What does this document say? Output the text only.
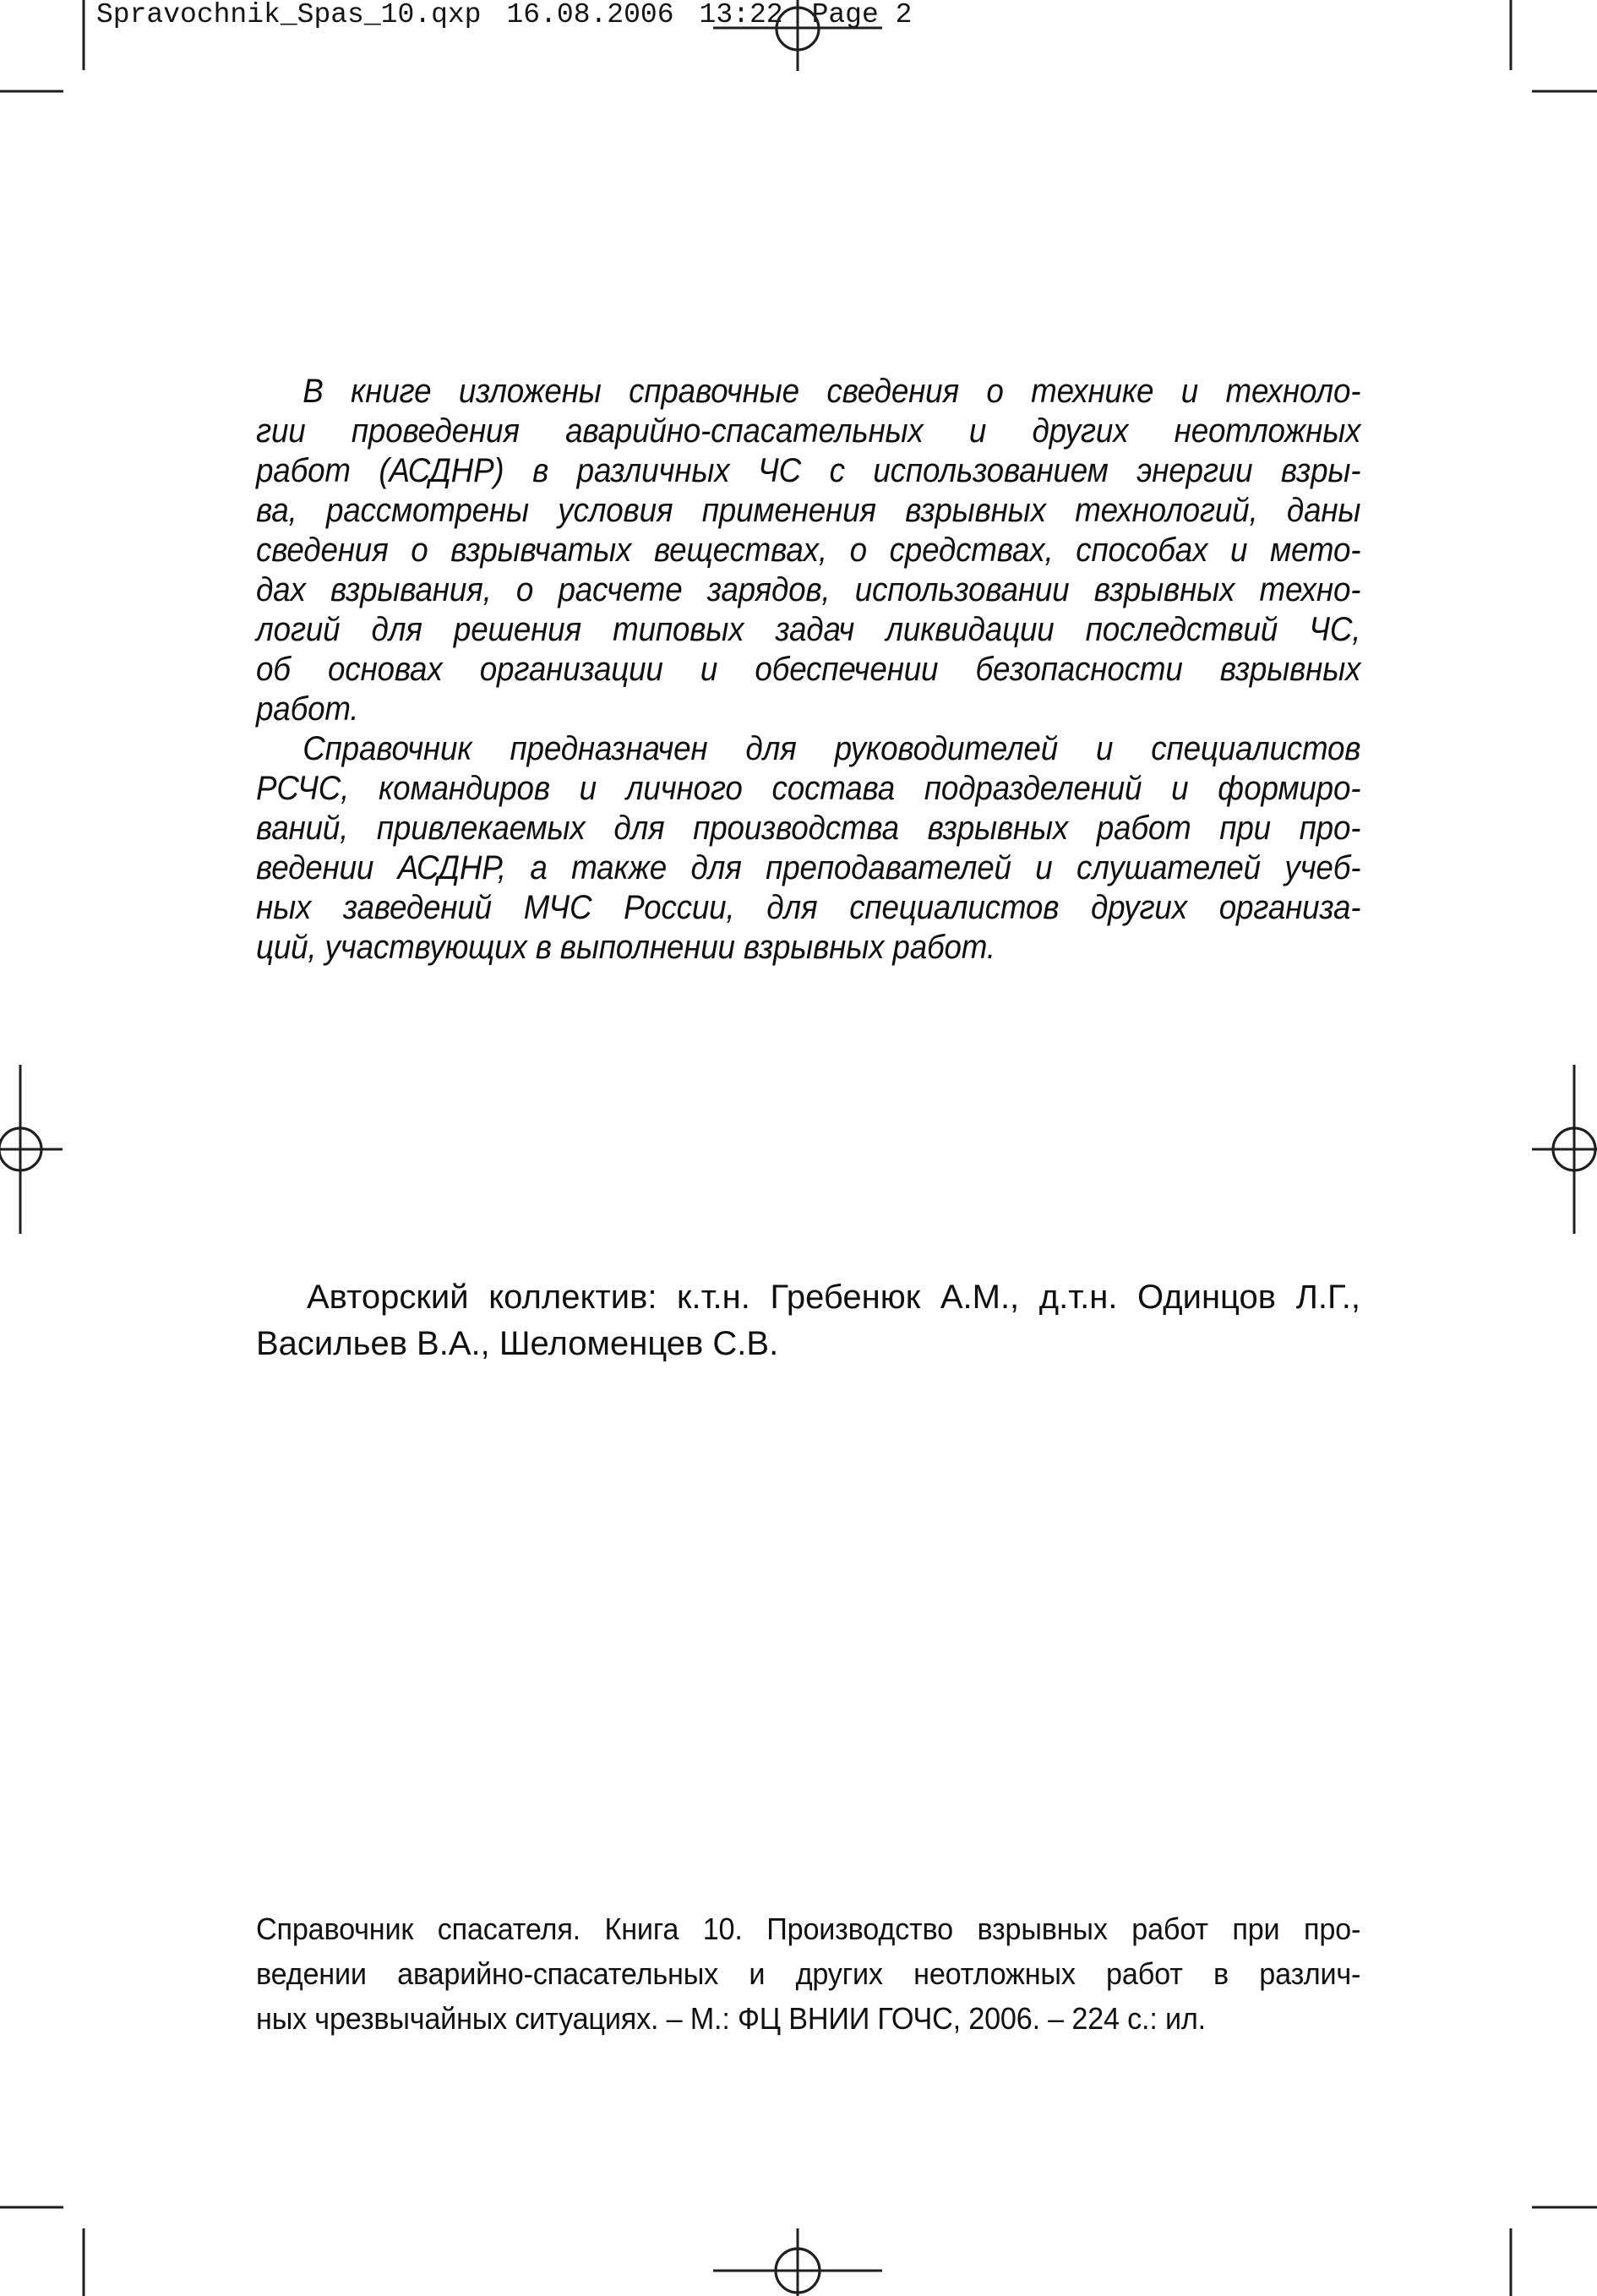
Spravochnik_Spas_10.qxp 16.08.2006 13:22 Page 2
В книге изложены справочные сведения о технике и техноло-
гии проведения аварийно-спасательных и других неотложных
работ (АСДНР) в различных ЧС с использованием энергии взры-
ва, рассмотрены условия применения взрывных технологий, даны
сведения о взрывчатых веществах, о средствах, способах и мето-
дах взрывания, о расчете зарядов, использовании взрывных техно-
логий для решения типовых задач ликвидации последствий ЧС,
об основах организации и обеспечении безопасности взрывных
работ.
Справочник предназначен для руководителей и специалистов
РСЧС, командиров и личного состава подразделений и формиро-
ваний, привлекаемых для производства взрывных работ при про-
ведении АСДНР, а также для преподавателей и слушателей учеб-
ных заведений МЧС России, для специалистов других организа-
ций, участвующих в выполнении взрывных работ.
Авторский коллектив: к.т.н. Гребенюк А.М., д.т.н. Одинцов Л.Г.,
Васильев В.А., Шеломенцев С.В.
Справочник спасателя. Книга 10. Производство взрывных работ при про-
ведении аварийно-спасательных и других неотложных работ в различ-
ных чрезвычайных ситуациях. – М.: ФЦ ВНИИ ГОЧС, 2006. – 224 с.: ил.
